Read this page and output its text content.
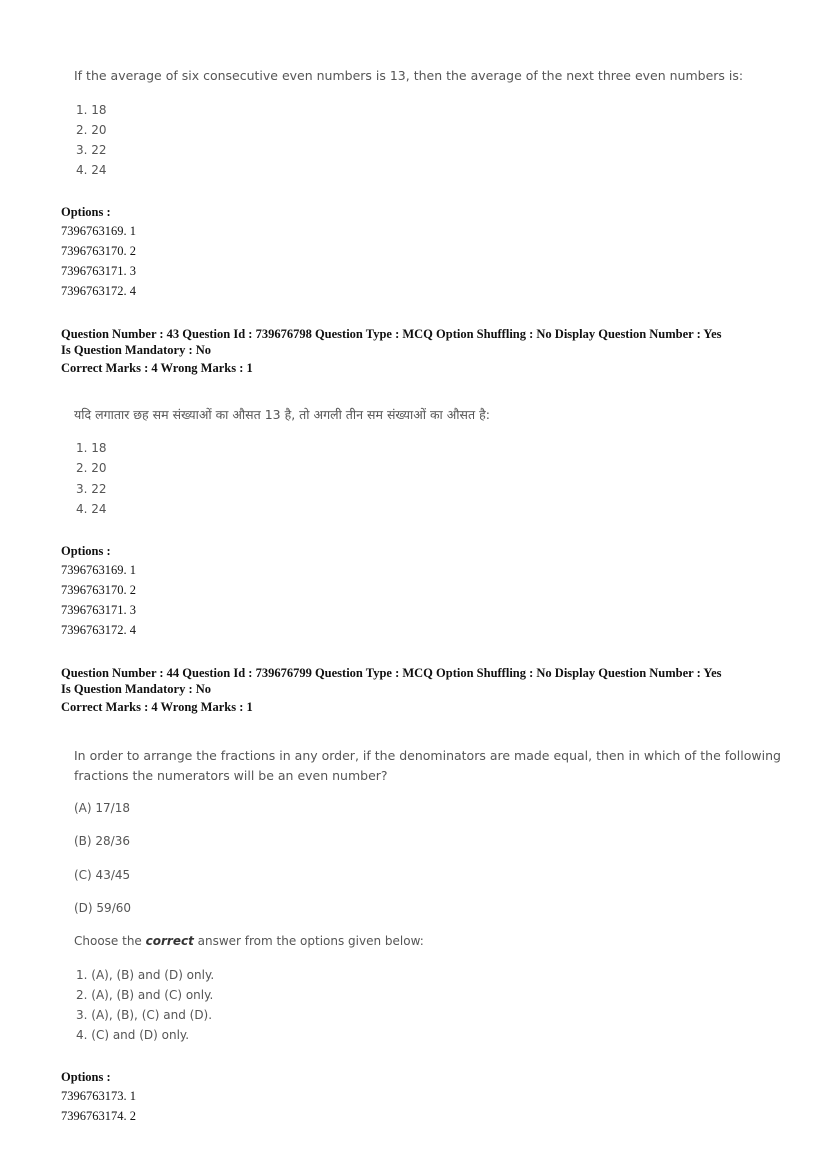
If the average of six consecutive even numbers is 13, then the average of the next three even numbers is:
1. 18
2. 20
3. 22
4. 24
Options :
7396763169. 1
7396763170. 2
7396763171. 3
7396763172. 4
Question Number : 43 Question Id : 739676798 Question Type : MCQ Option Shuffling : No Display Question Number : Yes
Is Question Mandatory : No
Correct Marks : 4 Wrong Marks : 1
यदि लगातार छह सम संख्याओं का औसत 13 है, तो अगली तीन सम संख्याओं का औसत है:
1. 18
2. 20
3. 22
4. 24
Options :
7396763169. 1
7396763170. 2
7396763171. 3
7396763172. 4
Question Number : 44 Question Id : 739676799 Question Type : MCQ Option Shuffling : No Display Question Number : Yes
Is Question Mandatory : No
Correct Marks : 4 Wrong Marks : 1
In order to arrange the fractions in any order, if the denominators are made equal, then in which of the following
fractions the numerators will be an even number?
(A) 17/18
(B) 28/36
(C) 43/45
(D) 59/60
Choose the correct answer from the options given below:
1. (A), (B) and (D) only.
2. (A), (B) and (C) only.
3. (A), (B), (C) and (D).
4. (C) and (D) only.
Options :
7396763173. 1
7396763174. 2
